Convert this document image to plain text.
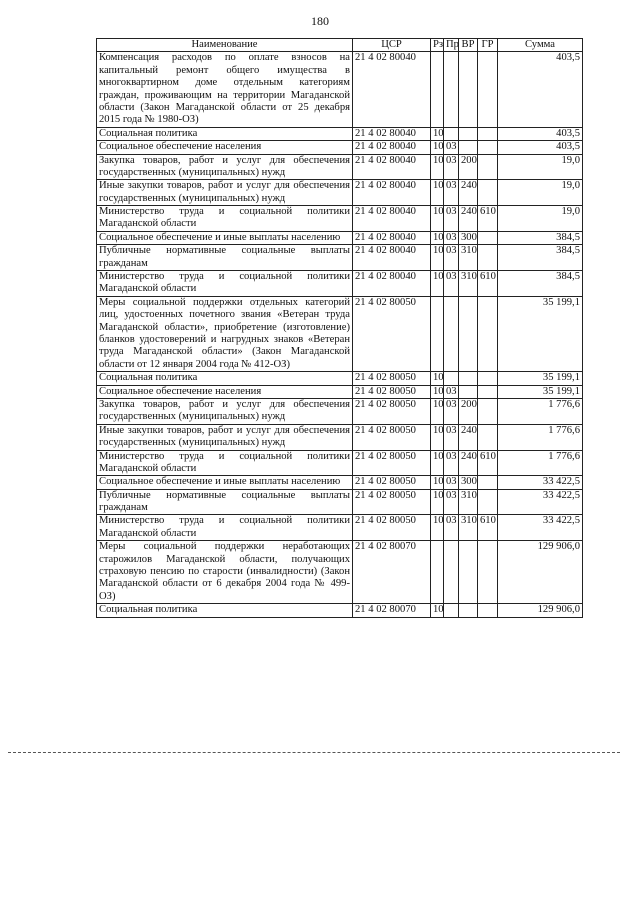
180
Наименование	ЦСР	Рз	Пр	ВР	ГР	Сумма
Компенсация расходов по оплате взносов на капитальный ремонт общего имущества в многоквартирном доме отдельным категориям граждан, проживающим на территории Магаданской области (Закон Магаданской области от 25 декабря 2015 года № 1980-ОЗ)	21 4 02 80040					403,5
Социальная политика	21 4 02 80040	10				403,5
Социальное обеспечение населения	21 4 02 80040	10	03			403,5
Закупка товаров, работ и услуг для обеспечения государственных (муниципальных) нужд	21 4 02 80040	10	03	200		19,0
Иные закупки товаров, работ и услуг для обеспечения государственных (муниципальных) нужд	21 4 02 80040	10	03	240		19,0
Министерство труда и социальной политики Магаданской области	21 4 02 80040	10	03	240	610	19,0
Социальное обеспечение и иные выплаты населению	21 4 02 80040	10	03	300		384,5
Публичные нормативные социальные выплаты гражданам	21 4 02 80040	10	03	310		384,5
Министерство труда и социальной политики Магаданской области	21 4 02 80040	10	03	310	610	384,5
Меры социальной поддержки отдельных категорий лиц, удостоенных почетного звания «Ветеран труда Магаданской области», приобретение (изготовление) бланков удостоверений и нагрудных знаков «Ветеран труда Магаданской области» (Закон Магаданской области от 12 января 2004 года № 412-ОЗ)	21 4 02 80050					35 199,1
Социальная политика	21 4 02 80050	10				35 199,1
Социальное обеспечение населения	21 4 02 80050	10	03			35 199,1
Закупка товаров, работ и услуг для обеспечения государственных (муниципальных) нужд	21 4 02 80050	10	03	200		1 776,6
Иные закупки товаров, работ и услуг для обеспечения государственных (муниципальных) нужд	21 4 02 80050	10	03	240		1 776,6
Министерство труда и социальной политики Магаданской области	21 4 02 80050	10	03	240	610	1 776,6
Социальное обеспечение и иные выплаты населению	21 4 02 80050	10	03	300		33 422,5
Публичные нормативные социальные выплаты гражданам	21 4 02 80050	10	03	310		33 422,5
Министерство труда и социальной политики Магаданской области	21 4 02 80050	10	03	310	610	33 422,5
Меры социальной поддержки неработающих старожилов Магаданской области, получающих страховую пенсию по старости (инвалидности) (Закон Магаданской области от 6 декабря 2004 года № 499-ОЗ)	21 4 02 80070					129 906,0
Социальная политика	21 4 02 80070	10				129 906,0
